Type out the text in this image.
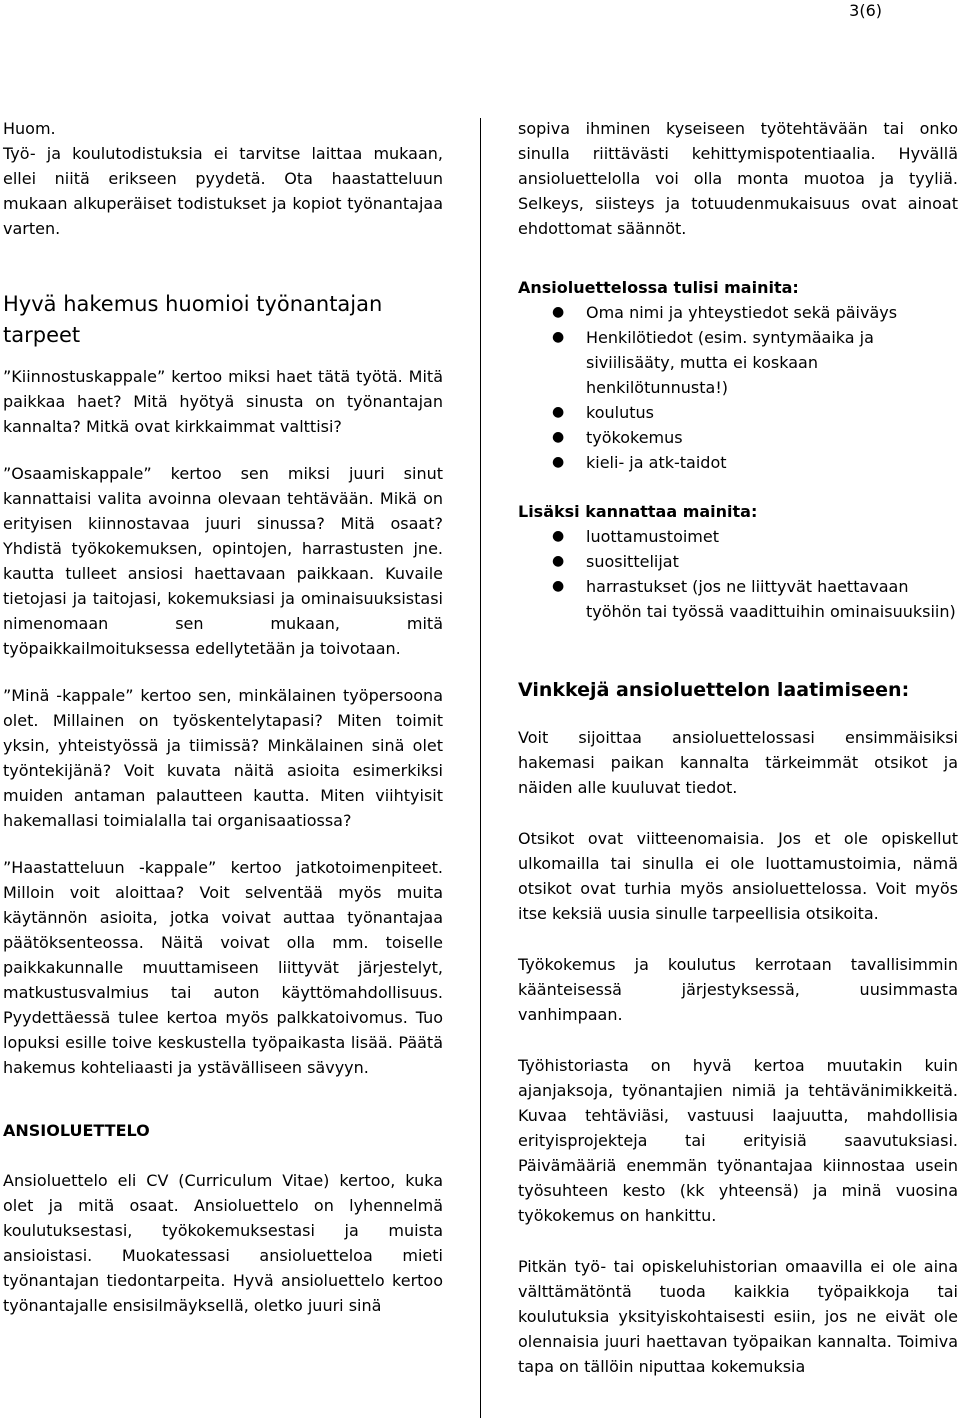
3(6)

Huom.

Työ- ja koulutodistuksia ei tarvitse laittaa mukaan, ellei niitä erikseen pyydetä. Ota haastatteluun mukaan alkuperäiset todistukset ja kopiot työnantajaa varten.

Hyvä hakemus huomioi työnantajan tarpeet

”Kiinnostuskappale” kertoo miksi haet tätä työtä. Mitä paikkaa haet? Mitä hyötyä sinusta on työnantajan kannalta? Mitkä ovat kirkkaimmat valttisi?

”Osaamiskappale” kertoo sen miksi juuri sinut kannattaisi valita avoinna olevaan tehtävään. Mikä on erityisen kiinnostavaa juuri sinussa? Mitä osaat? Yhdistä työkokemuksen, opintojen, harrastusten jne. kautta tulleet ansiosi haettavaan paikkaan. Kuvaile tietojasi ja taitojasi, kokemuksiasi ja ominaisuuksistasi nimenomaan sen mukaan, mitä työpaikkailmoituksessa edellytetään ja toivotaan.

”Minä -kappale” kertoo sen, minkälainen työpersoona olet. Millainen on työskentelytapasi? Miten toimit yksin, yhteistyössä ja tiimissä? Minkälainen sinä olet työntekijänä? Voit kuvata näitä asioita esimerkiksi muiden antaman palautteen kautta. Miten viihtyisit hakemallasi toimialalla tai organisaatiossa?

”Haastatteluun -kappale” kertoo jatkotoimenpiteet. Milloin voit aloittaa? Voit selventää myös muita käytännön asioita, jotka voivat auttaa työnantajaa päätöksenteossa. Näitä voivat olla mm. toiselle paikkakunnalle muuttamiseen liittyvät järjestelyt, matkustusvalmius tai auton käyttömahdollisuus. Pyydettäessä tulee kertoa myös palkkatoivomus. Tuo lopuksi esille toive keskustella työpaikasta lisää. Päätä hakemus kohteliaasti ja ystävälliseen sävyyn.

ANSIOLUETTELO

Ansioluettelo eli CV (Curriculum Vitae) kertoo, kuka olet ja mitä osaat. Ansioluettelo on lyhennelmä koulutuksestasi, työkokemuksestasi ja muista ansioistasi. Muokatessasi ansioluetteloa mieti työnantajan tiedontarpeita. Hyvä ansioluettelo kertoo työnantajalle ensisilmäyksellä, oletko juuri sinä

sopiva ihminen kyseiseen työtehtävään tai onko sinulla riittävästi kehittymispotentiaalia. Hyvällä ansioluettelolla voi olla monta muotoa ja tyyliä. Selkeys, siisteys ja totuudenmukaisuus ovat ainoat ehdottomat säännöt.

Ansioluettelossa tulisi mainita:
● Oma nimi ja yhteystiedot sekä päiväys
● Henkilötiedot (esim. syntymäaika ja siviilisääty, mutta ei koskaan henkilötunnusta!)
● koulutus
● työkokemus
● kieli- ja atk-taidot
Lisäksi kannattaa mainita:
● luottamustoimet
● suosittelijat
● harrastukset (jos ne liittyvät haettavaan työhön tai työssä vaadittuihin ominaisuuksiin)
Vinkkejä ansioluettelon laatimiseen:

Voit sijoittaa ansioluettelossasi ensimmäisiksi hakemasi paikan kannalta tärkeimmät otsikot ja näiden alle kuuluvat tiedot.

Otsikot ovat viitteenomaisia. Jos et ole opiskellut ulkomailla tai sinulla ei ole luottamustoimia, nämä otsikot ovat turhia myös ansioluettelossa. Voit myös itse keksiä uusia sinulle tarpeellisia otsikoita.

Työkokemus ja koulutus kerrotaan tavallisimmin käänteisessä järjestyksessä, uusimmasta vanhimpaan.

Työhistoriasta on hyvä kertoa muutakin kuin ajanjaksoja, työnantajien nimiä ja tehtävänimikkeitä. Kuvaa tehtäviäsi, vastuusi laajuutta, mahdollisia erityisprojekteja tai erityisiä saavutuksiasi. Päivämääriä enemmän työnantajaa kiinnostaa usein työsuhteen kesto (kk yhteensä) ja minä vuosina työkokemus on hankittu.

Pitkän työ- tai opiskeluhistorian omaavilla ei ole aina välttämätöntä tuoda kaikkia työpaikkoja tai koulutuksia yksityiskohtaisesti esiin, jos ne eivät ole olennaisia juuri haettavan työpaikan kannalta. Toimiva tapa on tällöin niputtaa kokemuksia
